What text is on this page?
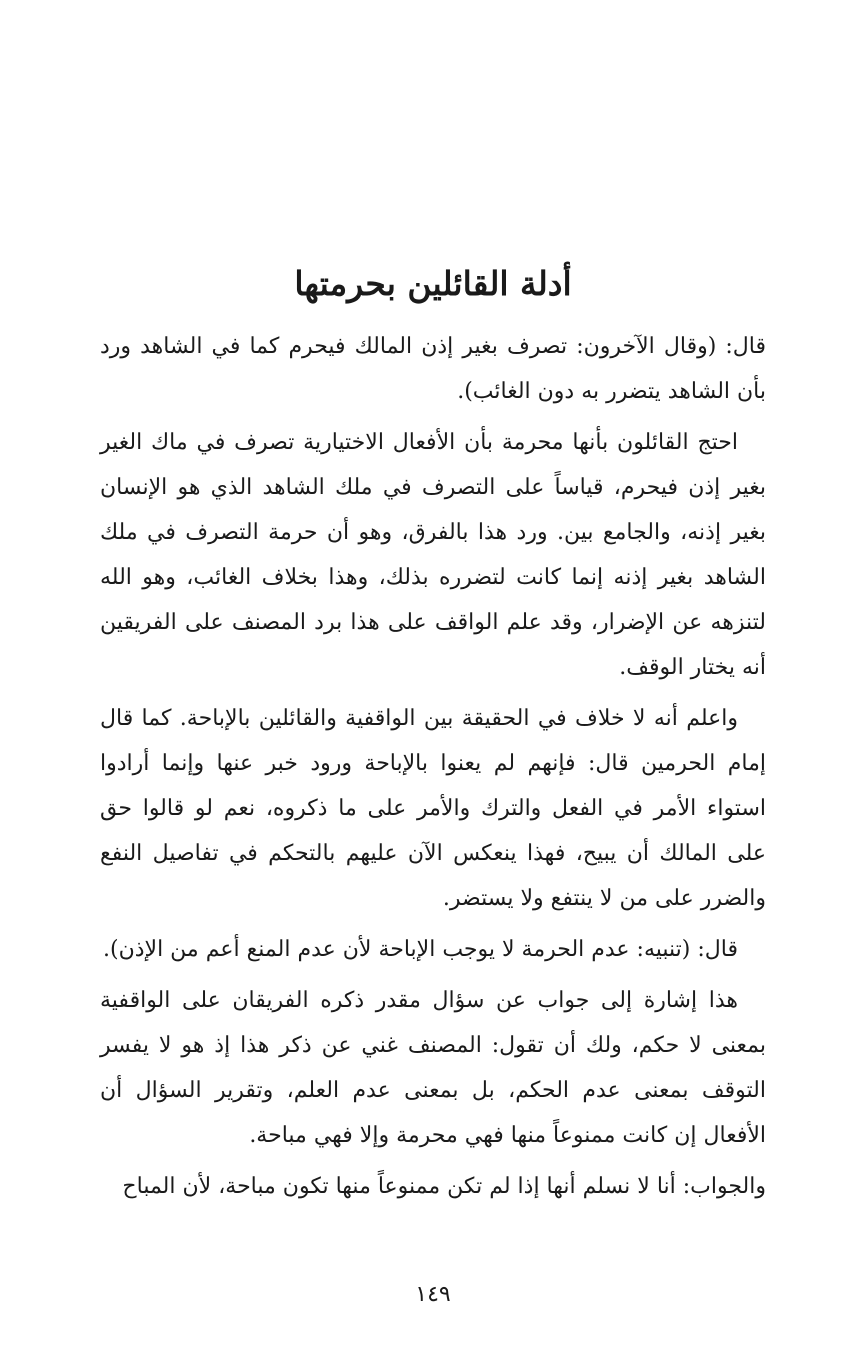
أدلة القائلين بحرمتها

قال: (وقال الآخرون: تصرف بغير إذن المالك فيحرم كما في الشاهد ورد بأن الشاهد يتضرر به دون الغائب).

احتج القائلون بأنها محرمة بأن الأفعال الاختيارية تصرف في ماك الغير بغير إذن فيحرم، قياساً على التصرف في ملك الشاهد الذي هو الإنسان بغير إذنه، والجامع بين. ورد هذا بالفرق، وهو أن حرمة التصرف في ملك الشاهد بغير إذنه إنما كانت لتضرره بذلك، وهذا بخلاف الغائب، وهو الله لتنزهه عن الإضرار، وقد علم الواقف على هذا برد المصنف على الفريقين أنه يختار الوقف.

واعلم أنه لا خلاف في الحقيقة بين الواقفية والقائلين بالإباحة. كما قال إمام الحرمين قال: فإنهم لم يعنوا بالإباحة ورود خبر عنها وإنما أرادوا استواء الأمر في الفعل والترك والأمر على ما ذكروه، نعم لو قالوا حق على المالك أن يبيح، فهذا ينعكس الآن عليهم بالتحكم في تفاصيل النفع والضرر على من لا ينتفع ولا يستضر.

قال: (تنبيه: عدم الحرمة لا يوجب الإباحة لأن عدم المنع أعم من الإذن).

هذا إشارة إلى جواب عن سؤال مقدر ذكره الفريقان على الواقفية بمعنى لا حكم، ولك أن تقول: المصنف غني عن ذكر هذا إذ هو لا يفسر التوقف بمعنى عدم الحكم، بل بمعنى عدم العلم، وتقرير السؤال أن الأفعال إن كانت ممنوعاً منها فهي محرمة وإلا فهي مباحة.

والجواب: أنا لا نسلم أنها إذا لم تكن ممنوعاً منها تكون مباحة، لأن المباح

١٤٩
